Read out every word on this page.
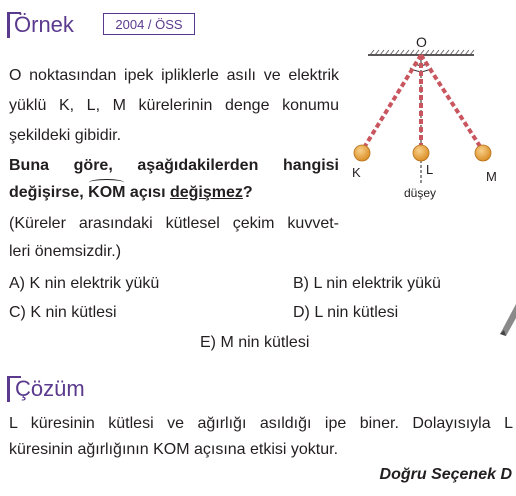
Örnek	2004 / ÖSS
O noktasından ipek ipliklerle asılı ve elektrik
yüklü K, L, M kürelerinin denge konumu
şekildeki gibidir.
Buna göre, aşağıdakilerden hangisi
değişirse,
KOM açısı değişmez?
(Küreler arasındaki kütlesel çekim kuvvet-
leri önemsizdir.)
O
K	L	M
düşey
A) K nin elektrik yükü	B) L nin elektrik yükü
C) K nin kütlesi	D) L nin kütlesi
E) M nin kütlesi
Çözüm
L küresinin kütlesi ve ağırlığı asıldığı ipe biner. Dolayısıyla L
küresinin ağırlığının KOM açısına etkisi yoktur.
Doğru Seçenek D
